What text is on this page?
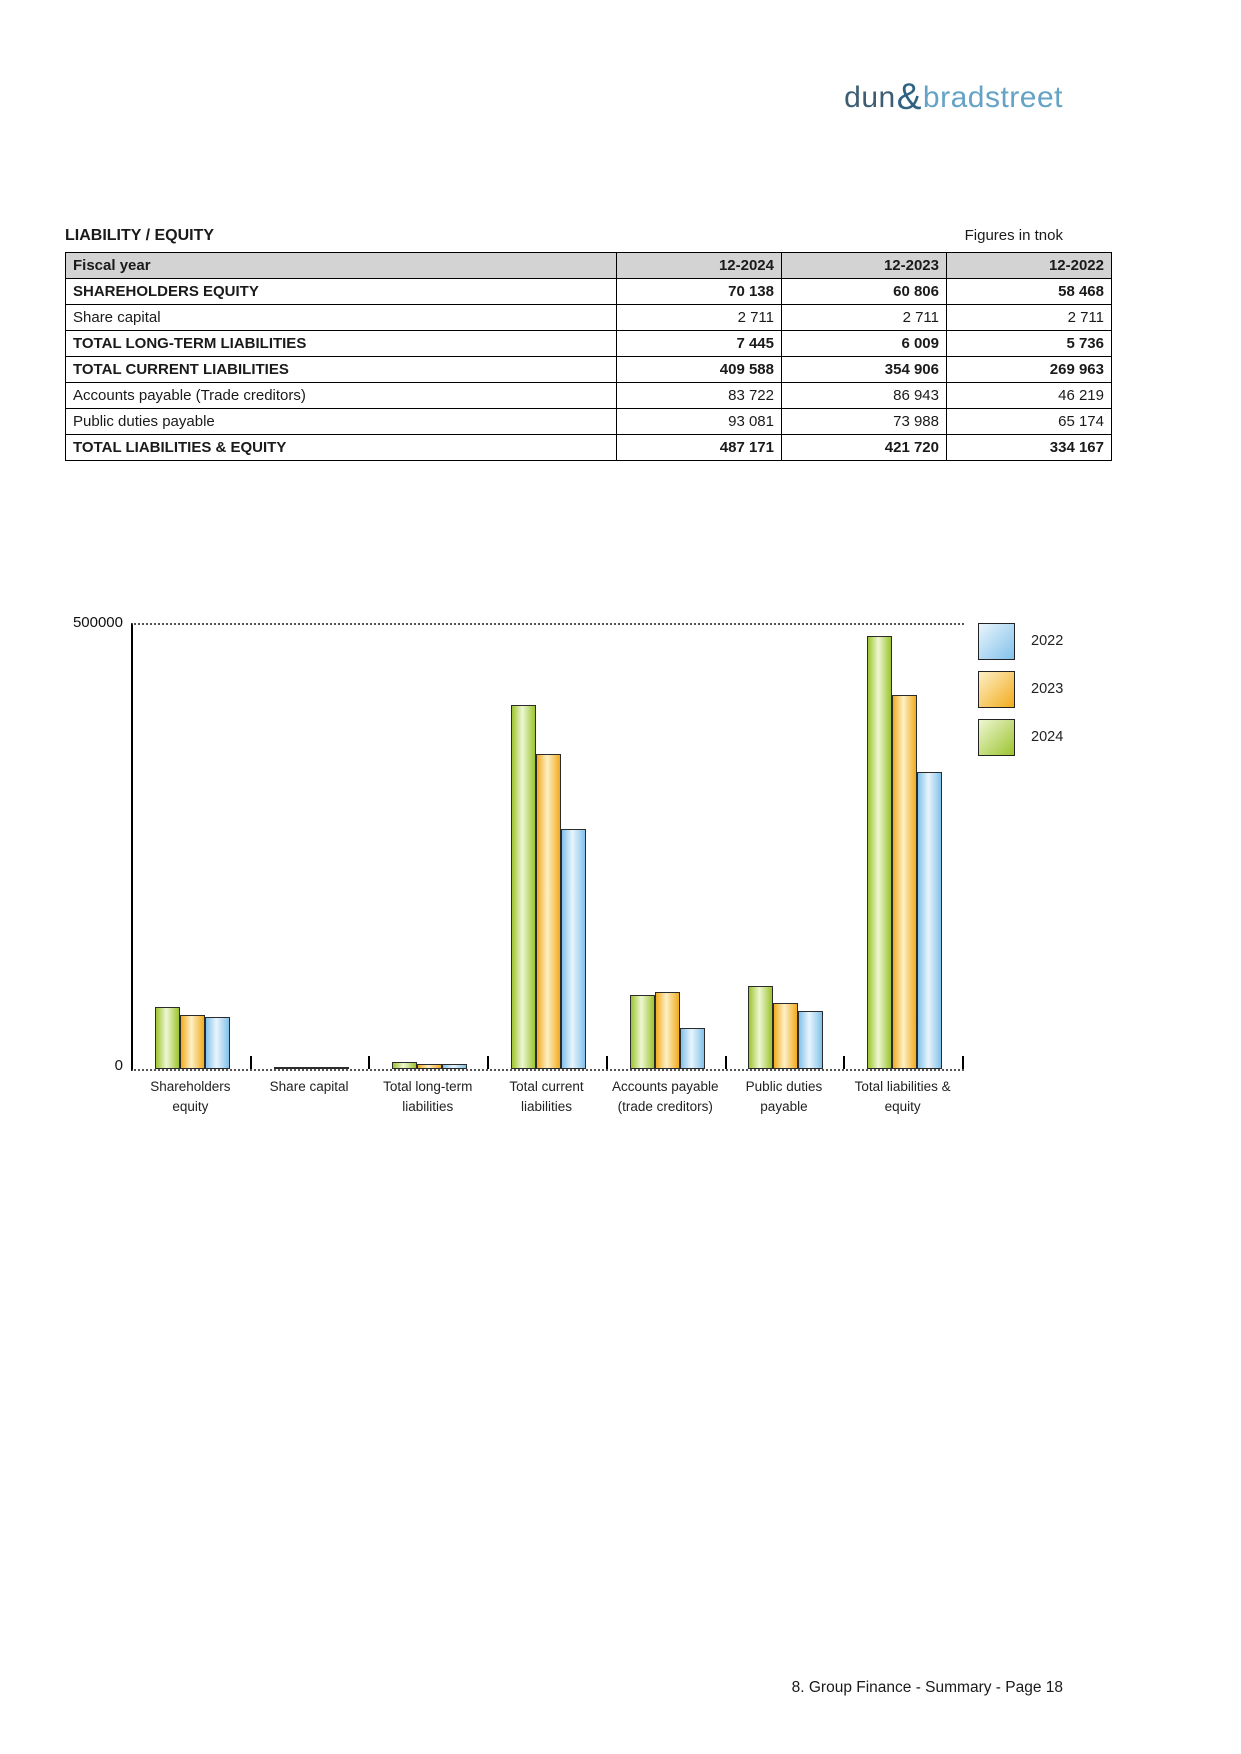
dun&bradstreet
LIABILITY / EQUITY	Figures in tnok
Fiscal year	12-2024	12-2023	12-2022
SHAREHOLDERS EQUITY	70 138	60 806	58 468
Share capital	2 711	2 711	2 711
TOTAL LONG-TERM LIABILITIES	7 445	6 009	5 736
TOTAL CURRENT LIABILITIES	409 588	354 906	269 963
Accounts payable (Trade creditors)	83 722	86 943	46 219
Public duties payable	93 081	73 988	65 174
TOTAL LIABILITIES & EQUITY	487 171	421 720	334 167
500000
0
Shareholders
equity
Share capital	Total long-term
liabilities
Total current
liabilities
Accounts payable
(trade creditors)
Public duties
payable
Total liabilities &
equity
2022
2023
2024
8. Group Finance - Summary - Page 18
